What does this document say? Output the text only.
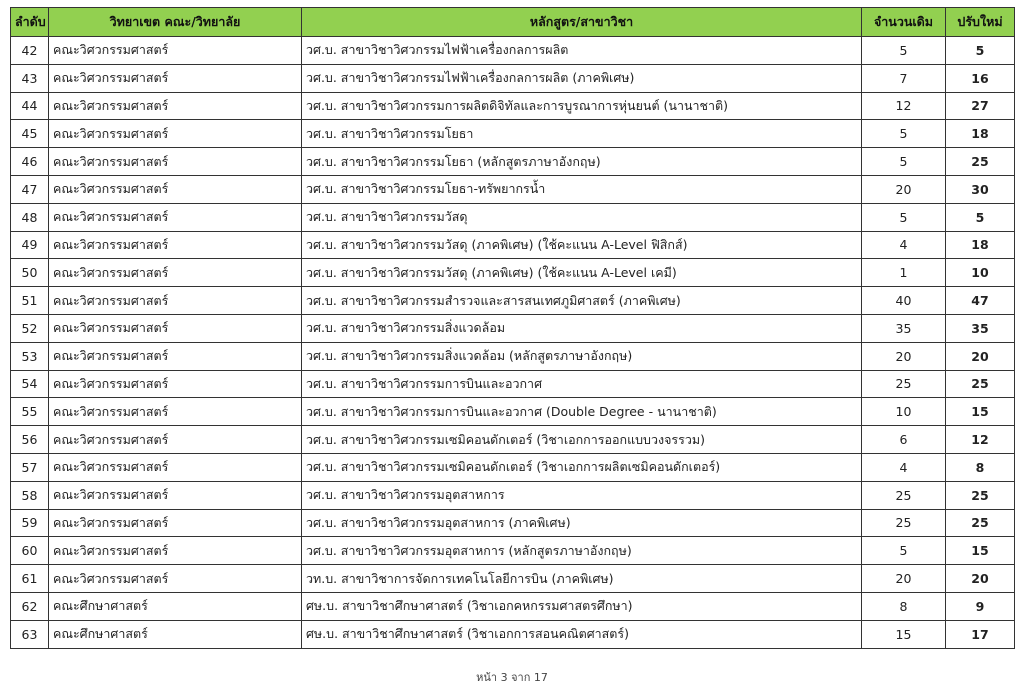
ลำดับ	วิทยาเขต คณะ/วิทยาลัย	หลักสูตร/สาขาวิชา	จำนวนเดิม	ปรับใหม่
42	คณะวิศวกรรมศาสตร์	วศ.บ. สาขาวิชาวิศวกรรมไฟฟ้าเครื่องกลการผลิต	5	5
43	คณะวิศวกรรมศาสตร์	วศ.บ. สาขาวิชาวิศวกรรมไฟฟ้าเครื่องกลการผลิต (ภาคพิเศษ)	7	16
44	คณะวิศวกรรมศาสตร์	วศ.บ. สาขาวิชาวิศวกรรมการผลิตดิจิทัลและการบูรณาการหุ่นยนต์ (นานาชาติ)	12	27
45	คณะวิศวกรรมศาสตร์	วศ.บ. สาขาวิชาวิศวกรรมโยธา	5	18
46	คณะวิศวกรรมศาสตร์	วศ.บ. สาขาวิชาวิศวกรรมโยธา (หลักสูตรภาษาอังกฤษ)	5	25
47	คณะวิศวกรรมศาสตร์	วศ.บ. สาขาวิชาวิศวกรรมโยธา-ทรัพยากรน้ำ	20	30
48	คณะวิศวกรรมศาสตร์	วศ.บ. สาขาวิชาวิศวกรรมวัสดุ	5	5
49	คณะวิศวกรรมศาสตร์	วศ.บ. สาขาวิชาวิศวกรรมวัสดุ (ภาคพิเศษ) (ใช้คะแนน A-Level ฟิสิกส์)	4	18
50	คณะวิศวกรรมศาสตร์	วศ.บ. สาขาวิชาวิศวกรรมวัสดุ (ภาคพิเศษ) (ใช้คะแนน A-Level เคมี)	1	10
51	คณะวิศวกรรมศาสตร์	วศ.บ. สาขาวิชาวิศวกรรมสำรวจและสารสนเทศภูมิศาสตร์ (ภาคพิเศษ)	40	47
52	คณะวิศวกรรมศาสตร์	วศ.บ. สาขาวิชาวิศวกรรมสิ่งแวดล้อม	35	35
53	คณะวิศวกรรมศาสตร์	วศ.บ. สาขาวิชาวิศวกรรมสิ่งแวดล้อม (หลักสูตรภาษาอังกฤษ)	20	20
54	คณะวิศวกรรมศาสตร์	วศ.บ. สาขาวิชาวิศวกรรมการบินและอวกาศ	25	25
55	คณะวิศวกรรมศาสตร์	วศ.บ. สาขาวิชาวิศวกรรมการบินและอวกาศ (Double Degree - นานาชาติ)	10	15
56	คณะวิศวกรรมศาสตร์	วศ.บ. สาขาวิชาวิศวกรรมเซมิคอนดักเตอร์ (วิชาเอกการออกแบบวงจรรวม)	6	12
57	คณะวิศวกรรมศาสตร์	วศ.บ. สาขาวิชาวิศวกรรมเซมิคอนดักเตอร์ (วิชาเอกการผลิตเซมิคอนดักเตอร์)	4	8
58	คณะวิศวกรรมศาสตร์	วศ.บ. สาขาวิชาวิศวกรรมอุตสาหการ	25	25
59	คณะวิศวกรรมศาสตร์	วศ.บ. สาขาวิชาวิศวกรรมอุตสาหการ (ภาคพิเศษ)	25	25
60	คณะวิศวกรรมศาสตร์	วศ.บ. สาขาวิชาวิศวกรรมอุตสาหการ (หลักสูตรภาษาอังกฤษ)	5	15
61	คณะวิศวกรรมศาสตร์	วท.บ. สาขาวิชาการจัดการเทคโนโลยีการบิน (ภาคพิเศษ)	20	20
62	คณะศึกษาศาสตร์	ศษ.บ. สาขาวิชาศึกษาศาสตร์ (วิชาเอกคหกรรมศาสตรศึกษา)	8	9
63	คณะศึกษาศาสตร์	ศษ.บ. สาขาวิชาศึกษาศาสตร์ (วิชาเอกการสอนคณิตศาสตร์)	15	17
หน้า 3 จาก 17
